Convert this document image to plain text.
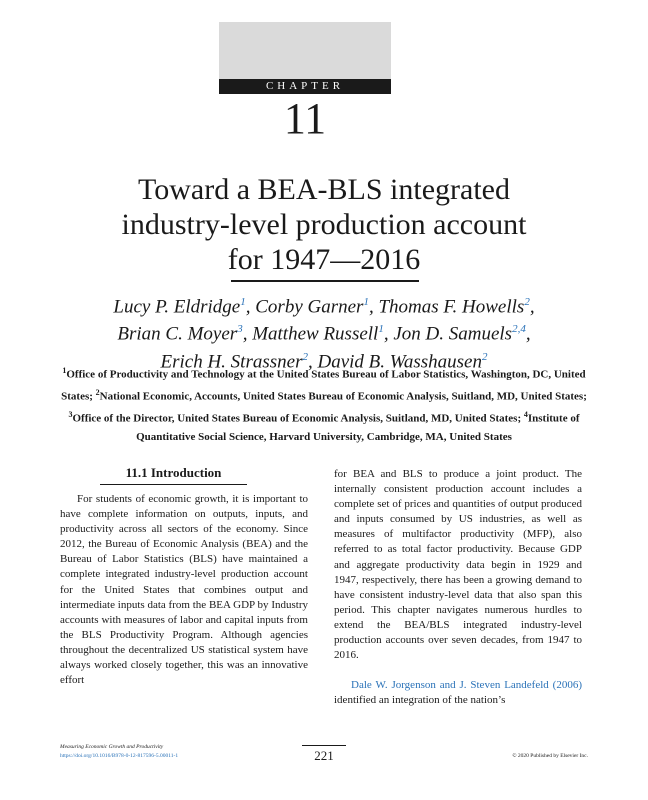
CHAPTER
11
Toward a BEA-BLS integrated
industry-level production account
for 1947—2016
Lucy P. Eldridge$^1$, Corby Garner$^1$, Thomas F. Howells$^2$,
Brian C. Moyer$^3$, Matthew Russell$^1$, Jon D. Samuels$^{2,4}$,
Erich H. Strassner$^2$, David B. Wasshausen$^2$
$^1$Office of Productivity and Technology at the United States Bureau of Labor Statistics, Washington, DC, United States; $^2$National Economic, Accounts, United States Bureau of Economic Analysis, Suitland, MD, United States; $^3$Office of the Director, United States Bureau of Economic Analysis, Suitland, MD, United States; $^4$Institute of Quantitative Social Science, Harvard University, Cambridge, MA, United States
11.1 Introduction

For students of economic growth, it is important to have complete information on outputs, inputs, and productivity across all sectors of the economy. Since 2012, the Bureau of Economic Analysis (BEA) and the Bureau of Labor Statistics (BLS) have maintained a complete integrated industry-level production account for the United States that combines output and intermediate inputs data from the BEA GDP by Industry accounts with measures of labor and capital inputs from the BLS Productivity Program. Although agencies throughout the decentralized US statistical system have always worked closely together, this was an innovative effort

for BEA and BLS to produce a joint product. The internally consistent production account includes a complete set of prices and quantities of output produced and inputs consumed by US industries, as well as measures of multifactor productivity (MFP), also referred to as total factor productivity. Because GDP and aggregate productivity data begin in 1929 and 1947, respectively, there has been a growing demand to have consistent industry-level data that also span this period. This chapter navigates numerous hurdles to extend the BEA/BLS integrated industry-level production accounts over seven decades, from 1947 to 2016.

Dale W. Jorgenson and J. Steven Landefeld (2006) identified an integration of the nation’s

Measuring Economic Growth and Productivity
https://doi.org/10.1016/B978-0-12-817596-5.00011-1	221	© 2020 Published by Elsevier Inc.
